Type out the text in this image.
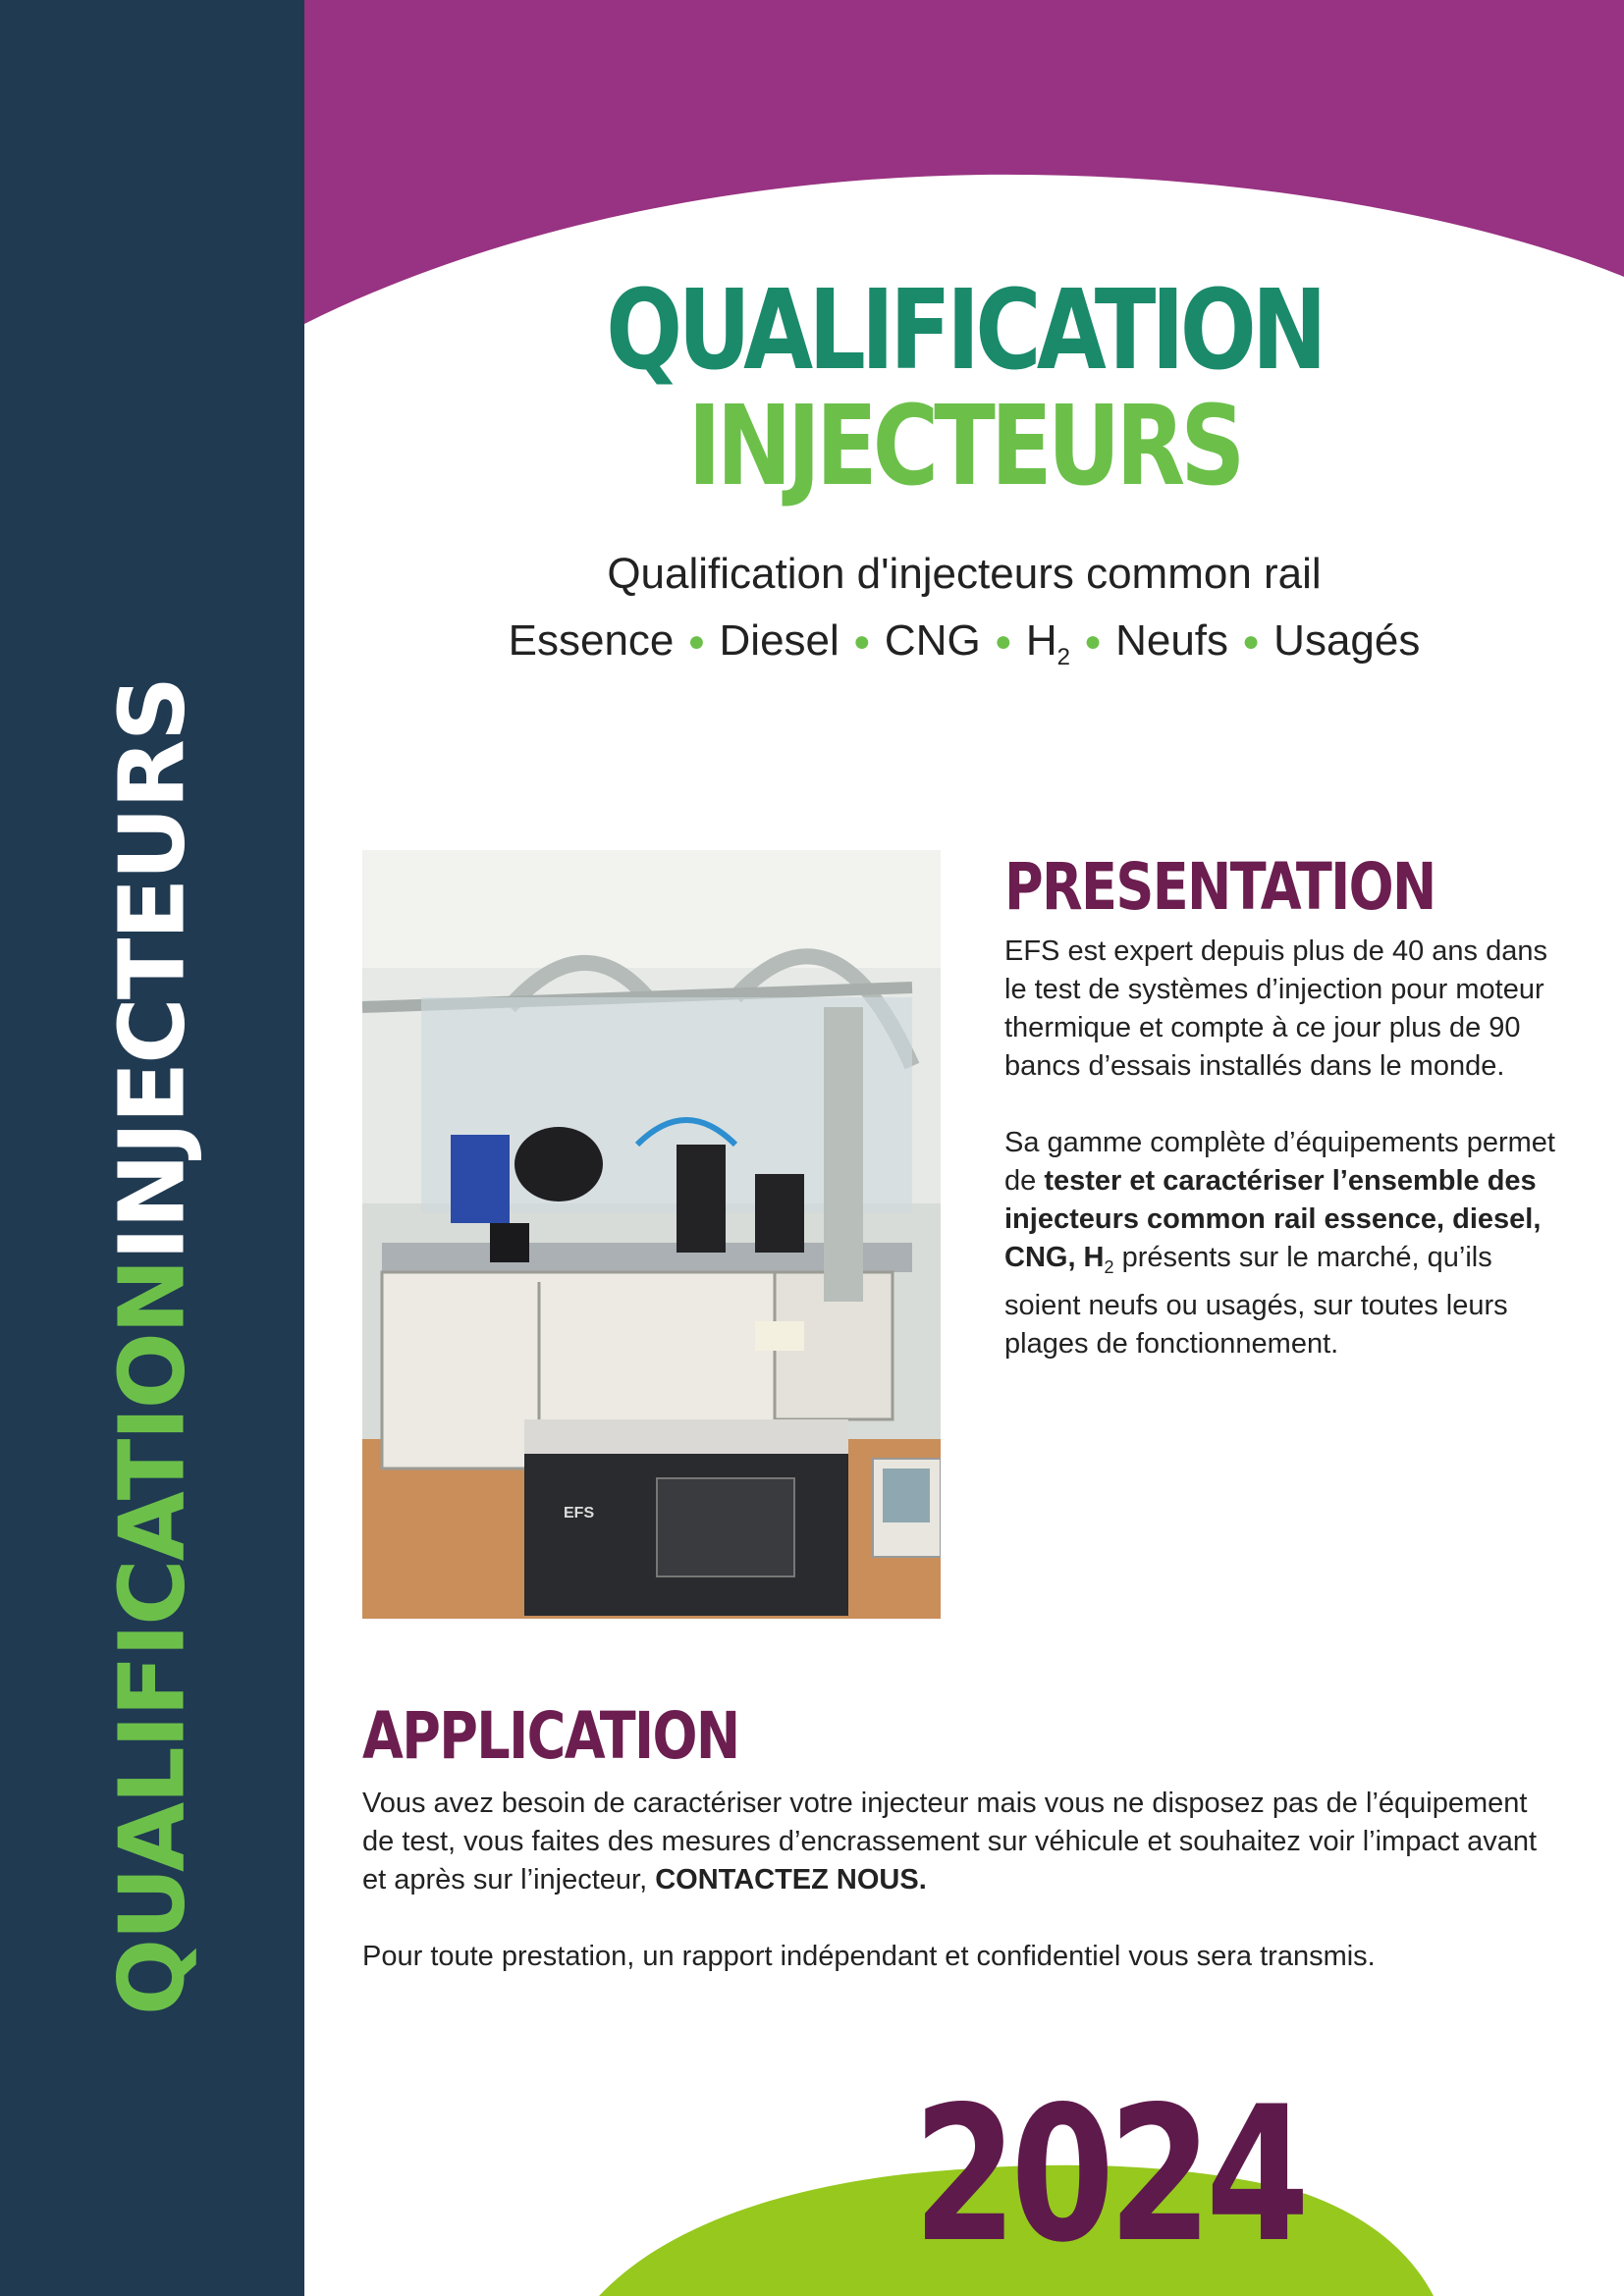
QUALIFICATIONINJECTEURS
QUALIFICATION
INJECTEURS
Qualification d'injecteurs common rail
Essence ● Diesel ● CNG ● $H_2$ ● Neufs ● Usagés
EFS
PRESENTATION

EFS est expert depuis plus de 40 ans dans le test de systèmes d’injection pour moteur thermique et compte à ce jour plus de 90 bancs d’essais installés dans le monde.

Sa gamme complète d’équipements permet de tester et caractériser l’ensemble des injecteurs common rail essence, diesel, CNG, $H_2$ présents sur le marché, qu’ils soient neufs ou usagés, sur toutes leurs plages de fonctionnement.

APPLICATION

Vous avez besoin de caractériser votre injecteur mais vous ne disposez pas de l’équipement de test, vous faites des mesures d’encrassement sur véhicule et souhaitez voir l’impact avant et après sur l’injecteur, CONTACTEZ NOUS.

Pour toute prestation, un rapport indépendant et confidentiel vous sera transmis.

2024
